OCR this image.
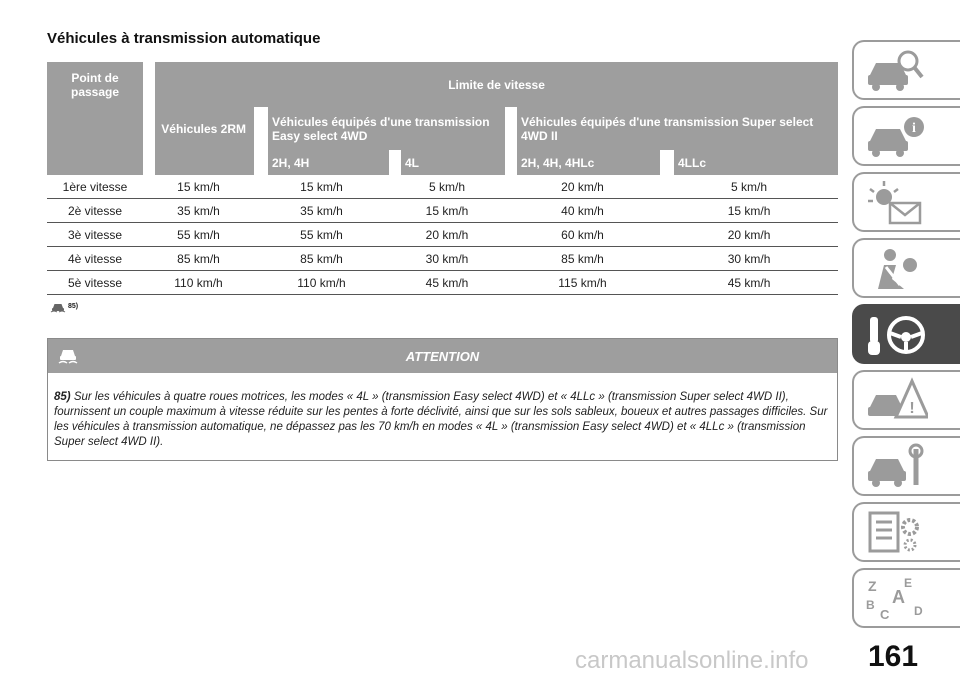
Véhicules à transmission automatique
Point de passage		Limite de vitesse								
		Véhicules 2RM		Véhicules équipés d'une transmission Easy select 4WD				Véhicules équipés d'une transmission Super select 4WD II		
				2H, 4H		4L		2H, 4H, 4HLc		4LLc
1ère vitesse	15 km/h		15 km/h		5 km/h		20 km/h		5 km/h	
2è vitesse	35 km/h		35 km/h		15 km/h		40 km/h		15 km/h	
3è vitesse	55 km/h		55 km/h		20 km/h		60 km/h		20 km/h	
4è vitesse	85 km/h		85 km/h		30 km/h		85 km/h		30 km/h	
5è vitesse	110 km/h		110 km/h		45 km/h		115 km/h		45 km/h	
85)
ATTENTION
85) Sur les véhicules à quatre roues motrices, les modes « 4L » (transmission Easy select 4WD) et « 4LLc » (transmission Super select 4WD II), fournissent un couple maximum à vitesse réduite sur les pentes à forte déclivité, ainsi que sur les sols sableux, boueux et autres passages difficiles. Sur les véhicules à transmission automatique, ne dépassez pas les 70 km/h en modes « 4L » (transmission Easy select 4WD) et « 4LLc » (transmission Super select 4WD II).
i
!
Z E
B A
C D
carmanualsonline.info 161
